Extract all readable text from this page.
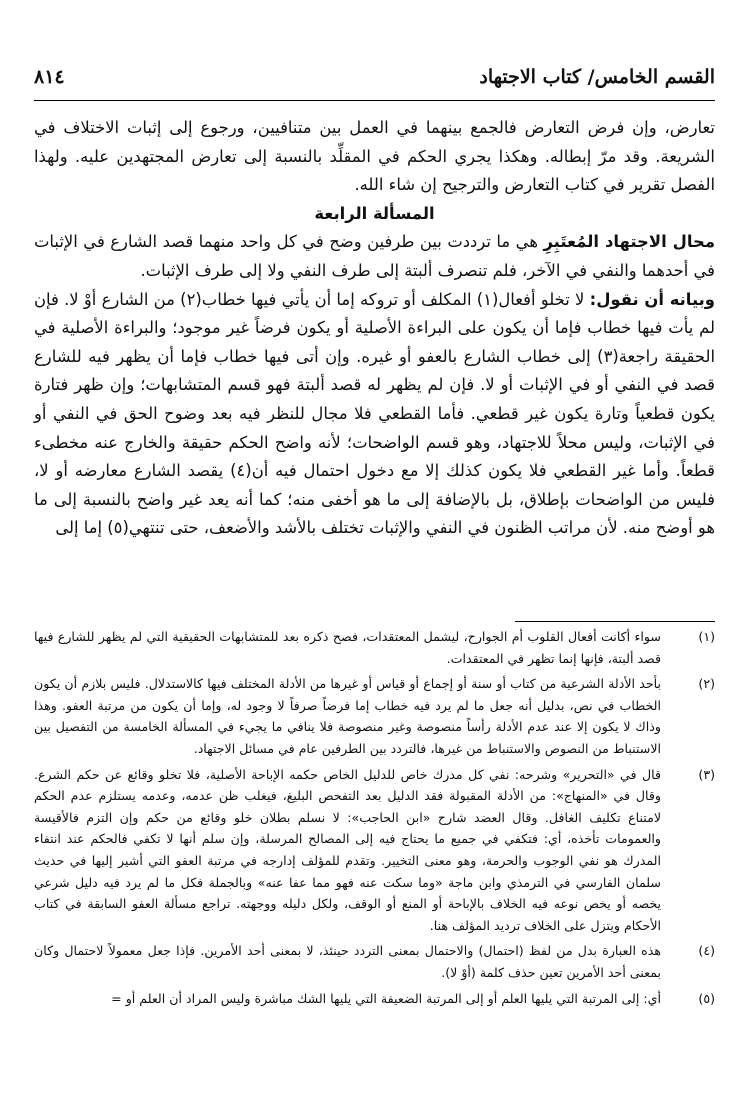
القسم الخامس/ كتاب الاجتهاد
٨١٤

تعارض، وإن فرض التعارض فالجمع بينهما في العمل بين متنافيين، ورجوع إلى إثبات الاختلاف في الشريعة. وقد مرّ إبطاله. وهكذا يجري الحكم في المقلِّد بالنسبة إلى تعارض المجتهدين عليه. ولهذا الفصل تقرير في كتاب التعارض والترجيح إن شاء الله.

المسألة الرابعة

محال الاجتهاد المُعتَبِرِ هي ما ترددت بين طرفين وضح في كل واحد منهما قصد الشارع في الإثبات في أحدهما والنفي في الآخر، فلم تنصرف ألبتة إلى طرف النفي ولا إلى طرف الإثبات.

وبيانه أن نقول: لا تخلو أفعال(١) المكلف أو تروكه إما أن يأتي فيها خطاب(٢) من الشارع أوْ لا. فإن لم يأت فيها خطاب فإما أن يكون على البراءة الأصلية أو يكون فرضاً غير موجود؛ والبراءة الأصلية في الحقيقة راجعة(٣) إلى خطاب الشارع بالعفو أو غيره. وإن أتى فيها خطاب فإما أن يظهر فيه للشارع قصد في النفي أو في الإثبات أو لا. فإن لم يظهر له قصد ألبتة فهو قسم المتشابهات؛ وإن ظهر فتارة يكون قطعياً وتارة يكون غير قطعي. فأما القطعي فلا مجال للنظر فيه بعد وضوح الحق في النفي أو في الإثبات، وليس محلاً للاجتهاد، وهو قسم الواضحات؛ لأنه واضح الحكم حقيقة والخارج عنه مخطىء قطعاً. وأما غير القطعي فلا يكون كذلك إلا مع دخول احتمال فيه أن(٤) يقصد الشارع معارضه أو لا، فليس من الواضحات بإطلاق، بل بالإضافة إلى ما هو أخفى منه؛ كما أنه يعد غير واضح بالنسبة إلى ما هو أوضح منه. لأن مراتب الظنون في النفي والإثبات تختلف بالأشد والأضعف، حتى تنتهي(٥) إما إلى

(١)
سواء أكانت أفعال القلوب أم الجوارح، ليشمل المعتقدات، فصح ذكره بعد للمتشابهات الحقيقية التي لم يظهر للشارع فيها قصد ألبتة، فإنها إنما تظهر في المعتقدات.
(٢)
بأحد الأدلة الشرعية من كتاب أو سنة أو إجماع أو قياس أو غيرها من الأدلة المختلف فيها كالاستدلال. فليس بلازم أن يكون الخطاب في نص، بدليل أنه جعل ما لم يرد فيه خطاب إما فرضاً صرفاً لا وجود له، وإما أن يكون من مرتبة العفو. وهذا وذاك لا يكون إلا عند عدم الأدلة رأساً منصوصة وغير منصوصة فلا ينافي ما يجيء في المسألة الخامسة من التفصيل بين الاستنباط من النصوص والاستنباط من غيرها، فالتردد بين الطرفين عام في مسائل الاجتهاد.
(٣)
قال في «التحرير» وشرحه: نفي كل مدرك خاص للدليل الخاص حكمه الإباحة الأصلية، فلا تخلو وقائع عن حكم الشرع. وقال في «المنهاج»: من الأدلة المقبولة فقد الدليل بعد التفحص البليغ، فيغلب ظن عدمه، وعدمه يستلزم عدم الحكم لامتناع تكليف الغافل. وقال العضد شارح «ابن الحاجب»: لا نسلم بطلان خلو وقائع من حكم وإن التزم فالأقيسة والعمومات تأخذه، أي: فتكفي في جميع ما يحتاج فيه إلى المصالح المرسلة، وإن سلم أنها لا تكفي فالحكم عند انتفاء المدرك هو نفي الوجوب والحرمة، وهو معنى التخيير. وتقدم للمؤلف إدارجه في مرتبة العفو التي أشير إليها في حديث سلمان الفارسي في الترمذي وابن ماجة «وما سكت عنه فهو مما عفا عنه» وبالجملة فكل ما لم يرد فيه دليل شرعي يخصه أو يخص نوعه فيه الخلاف بالإباحة أو المنع أو الوقف، ولكل دليله ووجهته. تراجع مسألة العفو السابقة في كتاب الأحكام ويتزل على الخلاف ترديد المؤلف هنا.
(٤)
هذه العبارة بدل من لفظ (احتمال) والاحتمال بمعنى التردد حينئذ، لا بمعنى أحد الأمرين. فإذا جعل معمولاً لاحتمال وكان بمعنى أحد الأمرين تعين حذف كلمة (أوْ لا).
(٥)
أي: إلى المرتبة التي يليها العلم أو إلى المرتبة الضعيفة التي يليها الشك مباشرة وليس المراد أن العلم أو =
